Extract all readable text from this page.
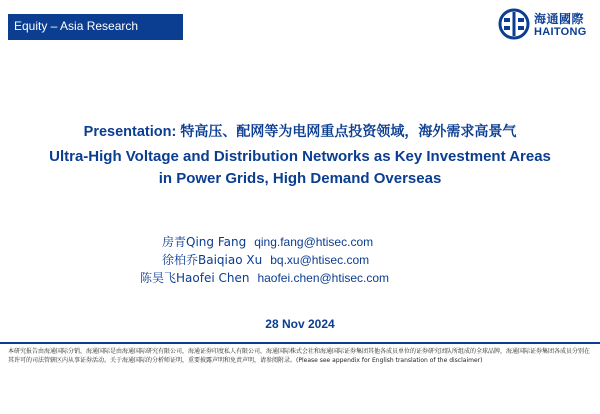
Equity – Asia Research	海通國際
HAITONG
Presentation: 特高压、配网等为电网重点投资领域，海外需求高景气
Ultra-High Voltage and Distribution Networks as Key Investment Areas
in Power Grids, High Demand Overseas
房青Qing Fang qing.fang@htisec.com
徐柏乔Baiqiao Xu bq.xu@htisec.com
陈昊飞Haofei Chen haofei.chen@htisec.com
28 Nov 2024
本研究报告由海通国际分销，海通国际是由海通国际研究有限公司，海通证券印度私人有限公司，海通国际株式会社和海通国际证券集团其他各成员单位的证券研究团队所组成的全球品牌，海通国际证券集团各成员分别在其许可的司法管辖区内从事证券活动。关于海通国际的分析师证明，重要披露声明和免责声明，请参阅附录。(Please see appendix for English translation of the disclaimer)
